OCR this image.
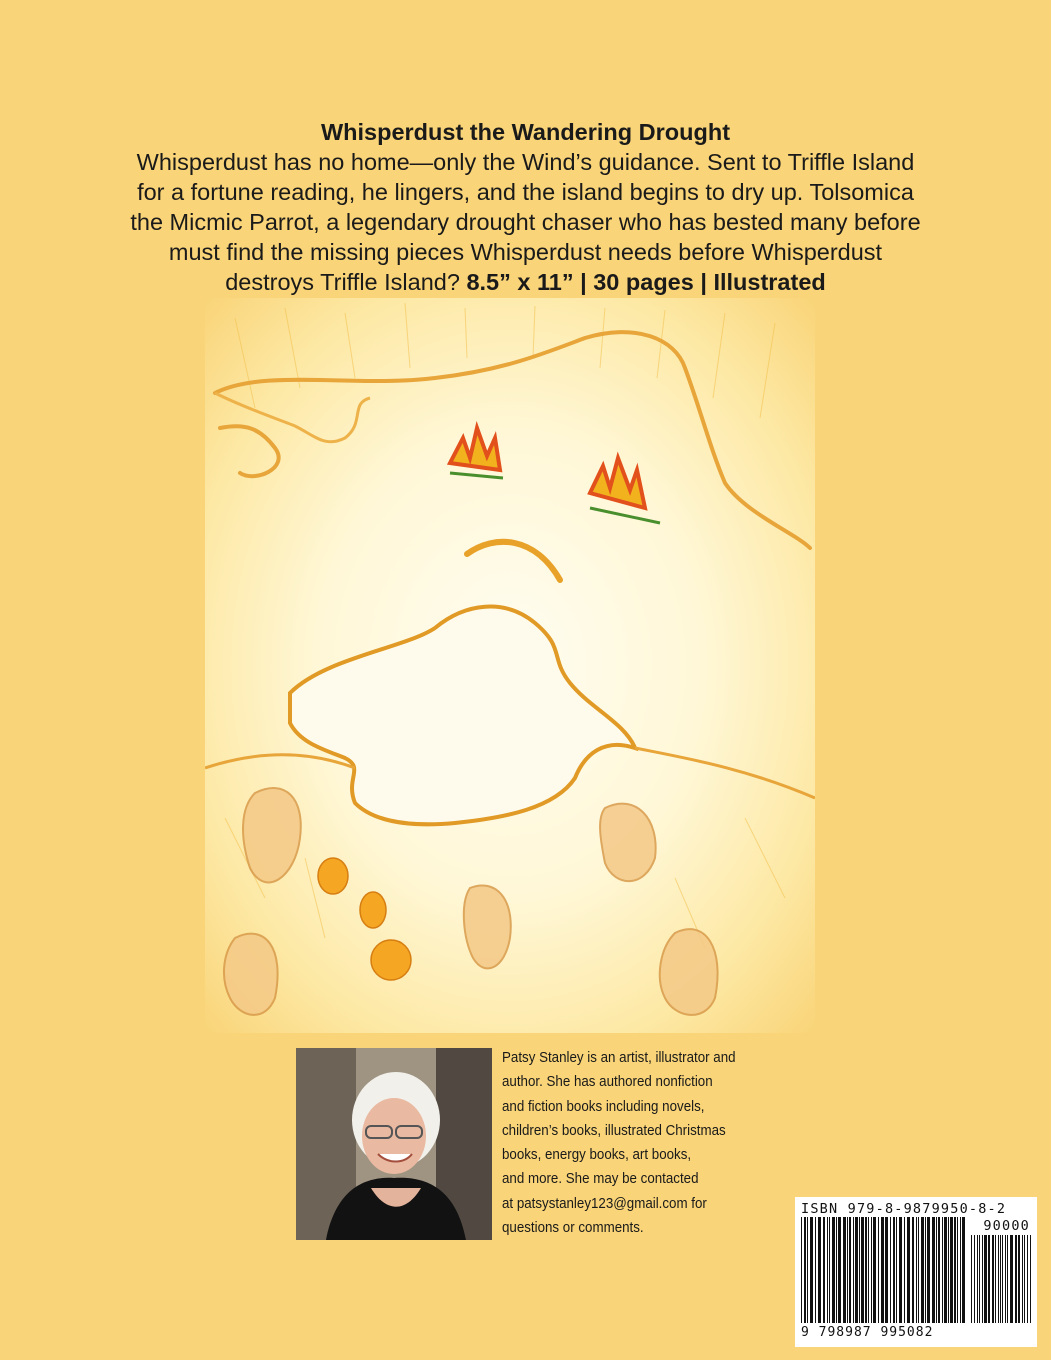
Whisperdust the Wandering Drought
Whisperdust has no home—only the Wind’s guidance. Sent to Triffle Island
for a fortune reading, he lingers, and the island begins to dry up. Tolsomica
the Micmic Parrot, a legendary drought chaser who has bested many before
must find the missing pieces Whisperdust needs before Whisperdust
destroys Triffle Island? 8.5” x 11” | 30 pages | Illustrated
Patsy Stanley is an artist, illustrator and
author. She has authored nonfiction
and fiction books including novels,
children’s books, illustrated Christmas
books, energy books, art books,
and more. She may be contacted
at patsystanley123@gmail.com for
questions or comments.
ISBN 979-8-9879950-8-2
90000
9 798987 995082
